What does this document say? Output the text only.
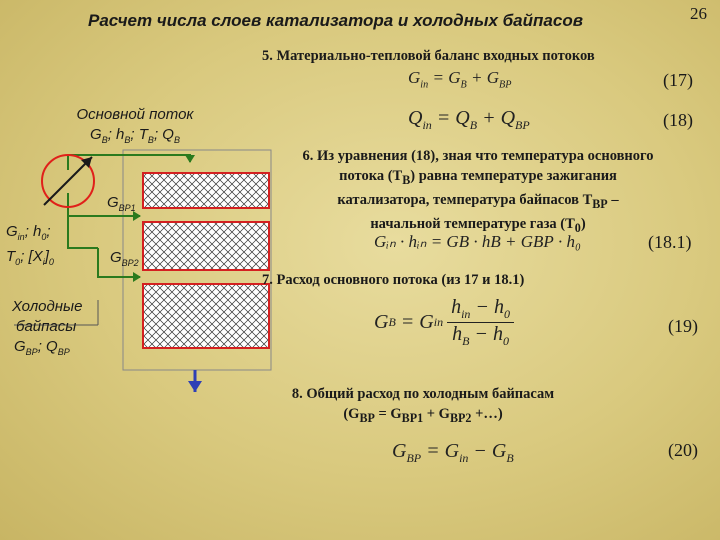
Расчет числа слоев катализатора и холодных байпасов	26
Основной поток
$G_B$; $h_B$; $T_B$; $Q_B$
$G_{BP1}$
$G_{BP2}$
$G_{in}$; $h_0$;
$T_0$; $[X_i]_0$
Холодные
байпасы
$G_{BP}$; $Q_{BP}$
5. Материально-тепловой баланс входных потоков
$G_{in} = G_B + G_{BP}$	(17)
$Q_{in} = Q_B + Q_{BP}$	(18)
6. Из уравнения (18), зная что температура основного
потока $(T_B)$ равна температуре зажигания
катализатора, температура байпасов $T_{BP}$ –
начальной температуре газа $(T_0)$
Gᵢₙ · hᵢₙ = GВ · hВ + GВР · h₀	(18.1)
7. Расход основного потока (из 17 и 18.1)
G B = G in $\frac{h_{in} - h_0}{h_B - h_0}$	(19)
8. Общий расход по холодным байпасам
($G_{BP} = G_{BP1} + G_{BP2}$ +…)
$G_{BP} = G_{in} - G_B$	(20)
